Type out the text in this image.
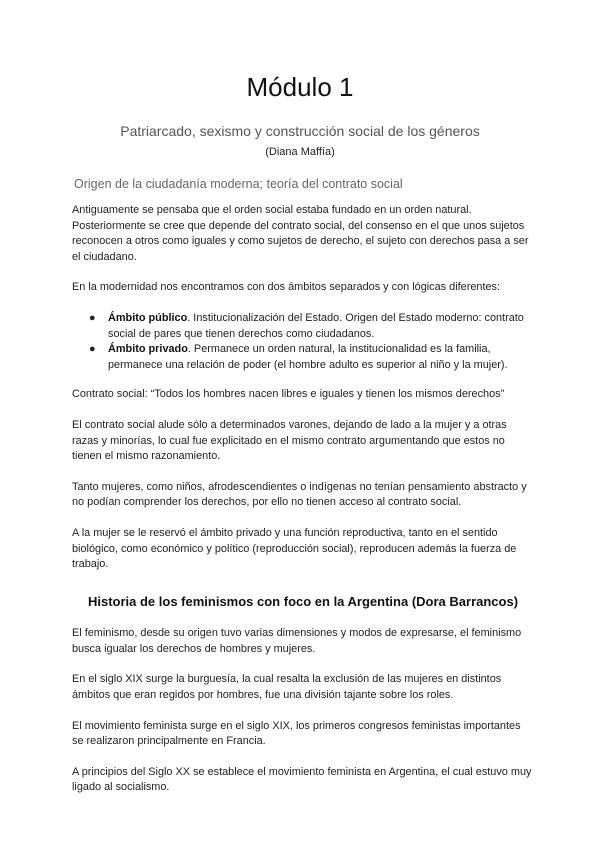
Módulo 1
Patriarcado, sexismo y construcción social de los géneros
(Diana Maffía)
Origen de la ciudadanía moderna; teoría del contrato social

Antiguamente se pensaba que el orden social estaba fundado en un orden natural. Posteriormente se cree que depende del contrato social, del consenso en el que unos sujetos reconocen a otros como iguales y como sujetos de derecho, el sujeto con derechos pasa a ser el ciudadano.

En la modernidad nos encontramos con dos ámbitos separados y con lógicas diferentes:

● Ámbito público. Institucionalización del Estado. Origen del Estado moderno: contrato social de pares que tienen derechos como ciudadanos.
● Ámbito privado. Permanece un orden natural, la institucionalidad es la familia, permanece una relación de poder (el hombre adulto es superior al niño y la mujer).

Contrato social: “Todos los hombres nacen libres e iguales y tienen los mismos derechos”

El contrato social alude sólo a determinados varones, dejando de lado a la mujer y a otras razas y minorías, lo cual fue explicitado en el mismo contrato argumentando que estos no tienen el mismo razonamiento.

Tanto mujeres, como niños, afrodescendientes o indígenas no tenían pensamiento abstracto y no podían comprender los derechos, por ello no tienen acceso al contrato social.

A la mujer se le reservó el ámbito privado y una función reproductiva, tanto en el sentido biológico, como económico y político (reproducción social), reproducen además la fuerza de trabajo.

Historia de los feminismos con foco en la Argentina (Dora Barrancos)

El feminismo, desde su origen tuvo varias dimensiones y modos de expresarse, el feminismo busca igualar los derechos de hombres y mujeres.

En el siglo XIX surge la burguesía, la cual resalta la exclusión de las mujeres en distintos ámbitos que eran regidos por hombres, fue una división tajante sobre los roles.

El movimiento feminista surge en el siglo XIX, los primeros congresos feministas importantes se realizaron principalmente en Francia.

A principios del Siglo XX se establece el movimiento feminista en Argentina, el cual estuvo muy ligado al socialismo.
